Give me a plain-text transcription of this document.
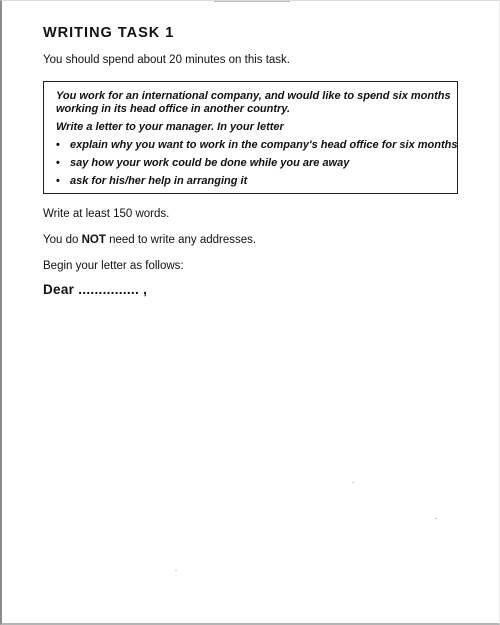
WRITING TASK 1

You should spend about 20 minutes on this task.

You work for an international company, and would like to spend six months

working in its head office in another country.

Write a letter to your manager. In your letter

• explain why you want to work in the company's head office for six months
• say how your work could be done while you are away
• ask for his/her help in arranging it

Write at least 150 words.

You do NOT need to write any addresses.

Begin your letter as follows:

Dear ............... ,
